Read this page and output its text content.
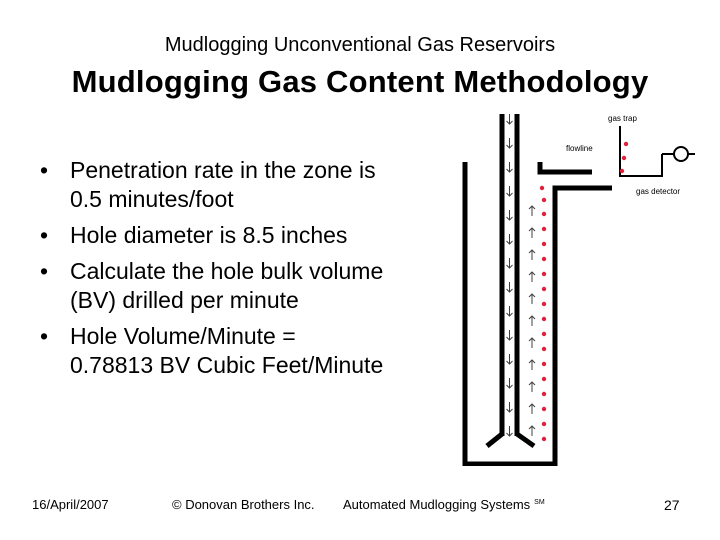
Mudlogging Unconventional Gas Reservoirs
Mudlogging Gas Content Methodology
• Penetration rate in the zone is
0.5 minutes/foot
• Hole diameter is 8.5 inches
• Calculate the hole bulk volume
(BV) drilled per minute
• Hole Volume/Minute =
0.78813 BV Cubic Feet/Minute
gas trap
flowline
gas detector
16/April/2007	© Donovan Brothers Inc. Automated Mudlogging Systems ℠	27
